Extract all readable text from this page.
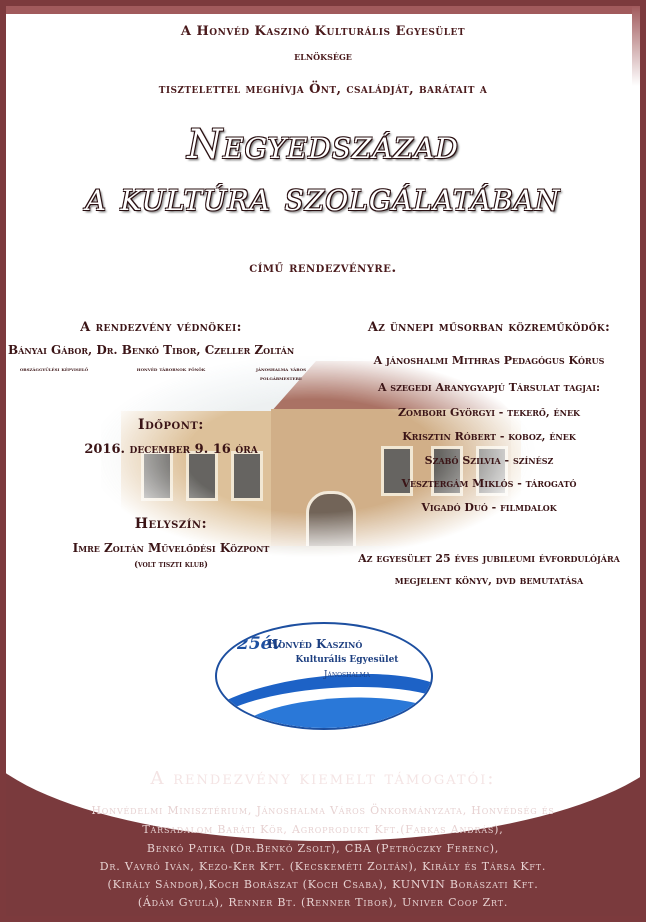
A Honvéd Kaszinó Kulturális Egyesület
elnöksége
tisztelettel meghívja Önt, családját, barátait a
Negyedszázad
a kultúra szolgálatában
című rendezvényre.
A rendezvény védnökei:
Bányai Gábor, Dr. Benkó Tibor, Czeller Zoltán
országgyűlési képviselő	honvéd tábornok főnök	jánoshalma város polgármestere
Időpont:
2016. december 9. 16 óra
Helyszín:
Imre Zoltán Művelődési Központ
(volt tiszti klub)
Az ünnepi műsorban közreműködők:
A jánoshalmi Mithras Pedagógus Kórus
A szegedi Aranygyapjú Társulat tagjai:
Zombori Györgyi - tekerő, ének
Krisztin Róbert - koboz, ének
Szabó Szilvia - színész
Vesztergám Miklós - tárogató
Vigadó Duó - filmdalok
Az egyesület 25 éves jubileumi évfordulójára
megjelent könyv, dvd bemutatása
25év
Honvéd Kaszinó
Kulturális Egyesület
Jánoshalma
A rendezvény kiemelt támogatói:
Honvédelmi Minisztérium, Jánoshalma Város Önkormányzata, Honvédség és
Társadalom Baráti Kör, Agroprodukt Kft.(Farkas András),
Benkó Patika (Dr.Benkó Zsolt), CBA (Petróczky Ferenc),
Dr. Vavró Iván, Kezo-Ker Kft. (Kecskeméti Zoltán), Király és Társa Kft.
(Király Sándor),Koch Borászat (Koch Csaba), KUNVIN Borászati Kft.
(Ádám Gyula), Renner Bt. (Renner Tibor), Univer Coop Zrt.
